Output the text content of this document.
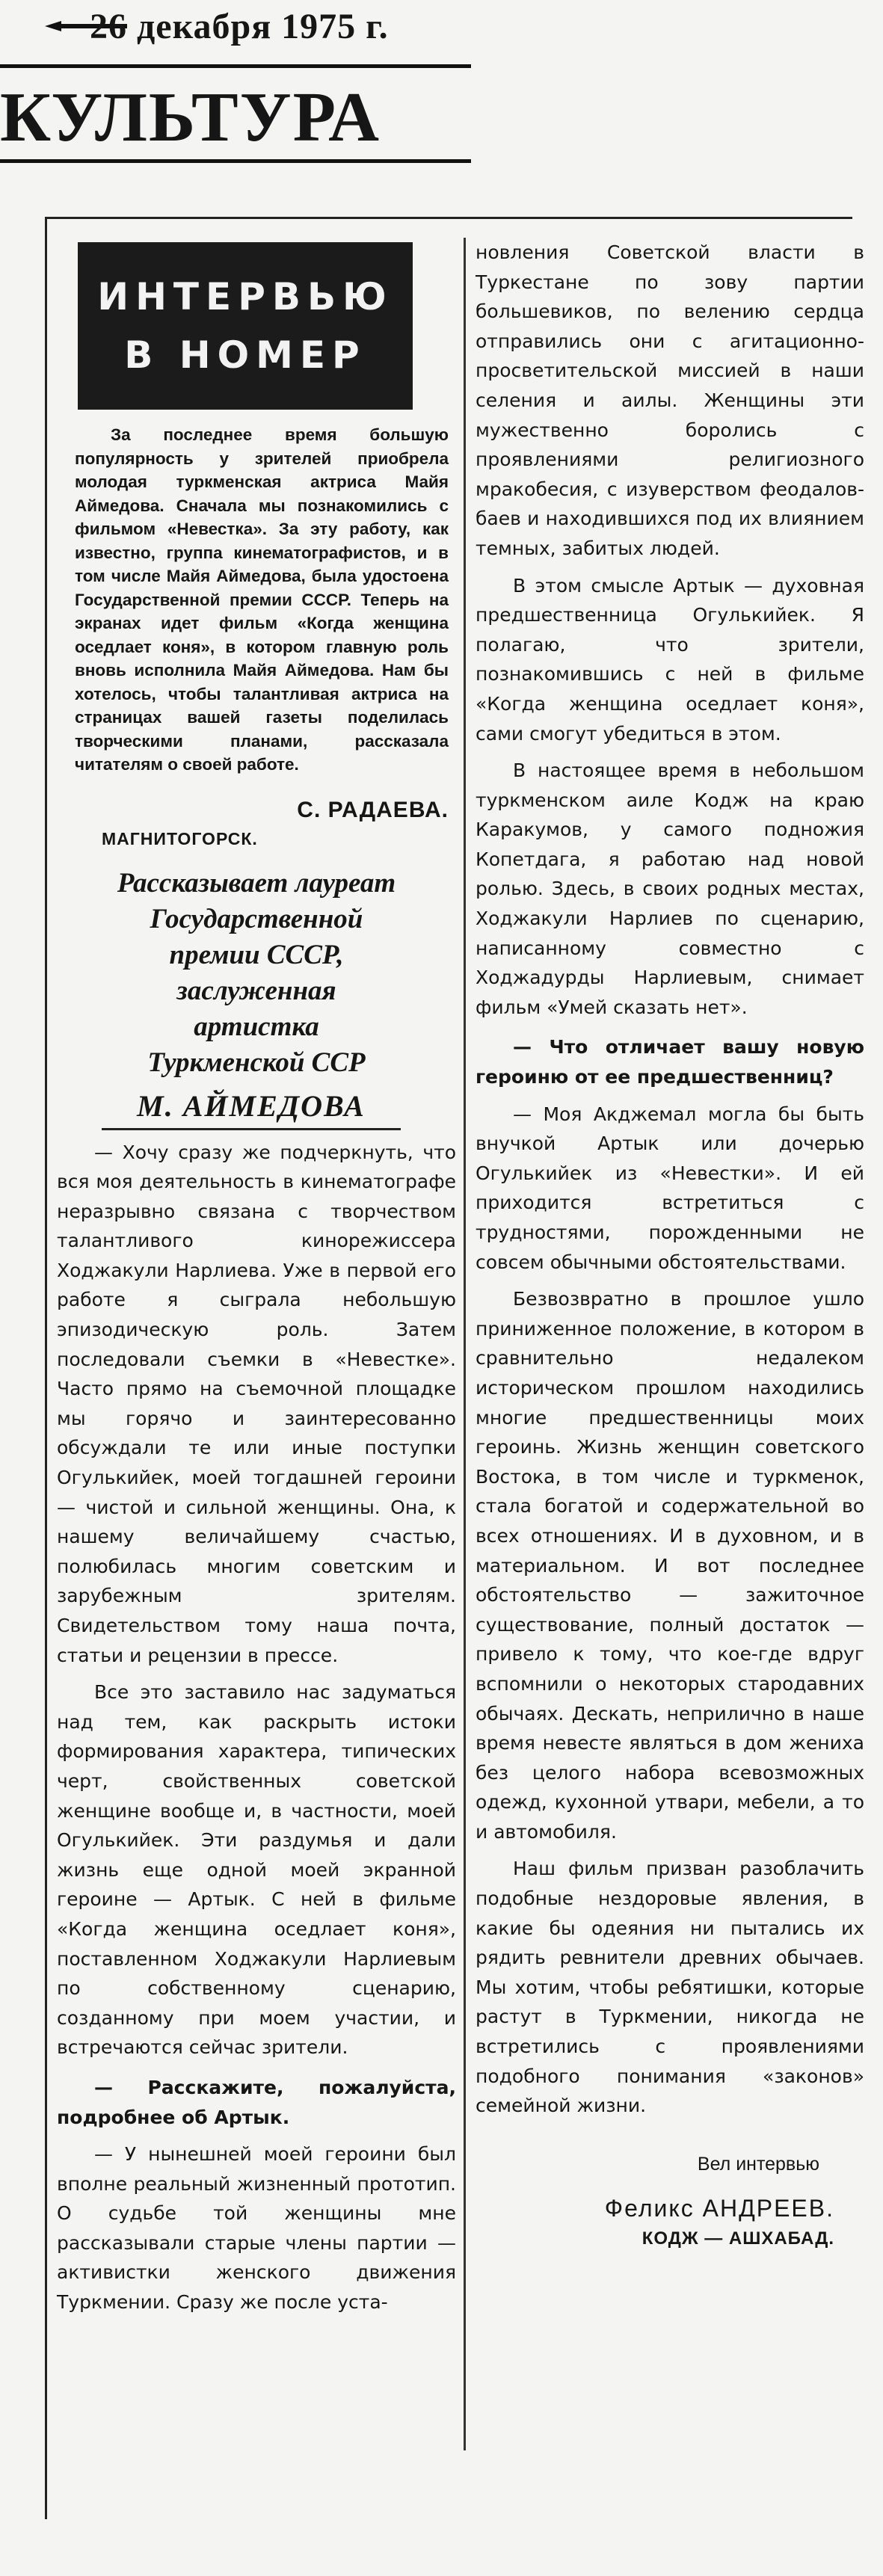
26 декабря 1975 г.
КУЛЬТУРА
ИНТЕРВЬЮ
В НОМЕР

За последнее время большую популярность у зрителей приобрела молодая туркменская актриса Майя Аймедова. Сначала мы познакомились с фильмом «Невестка». За эту работу, как известно, группа кинематографистов, и в том числе Майя Аймедова, была удостоена Государственной премии СССР. Теперь на экранах идет фильм «Когда женщина оседлает коня», в котором главную роль вновь исполнила Майя Аймедова. Нам бы хотелось, чтобы талантливая актриса на страницах вашей газеты поделилась творческими планами, рассказала читателям о своей работе.

С. РАДАЕВА.
МАГНИТОГОРСК.
Рассказывает лауреат
Государственной
премии СССР,
заслуженная
артистка
Туркменской ССР
М. АЙМЕДОВА

— Хочу сразу же подчеркнуть, что вся моя деятельность в кинематографе неразрывно связана с творчеством талантливого кинорежиссера Ходжакули Нарлиева. Уже в первой его работе я сыграла небольшую эпизодическую роль. Затем последовали съемки в «Невестке». Часто прямо на съемочной площадке мы горячо и заинтересованно обсуждали те или иные поступки Огулькийек, моей тогдашней героини — чистой и сильной женщины. Она, к нашему величайшему счастью, полюбилась многим советским и зарубежным зрителям. Свидетельством тому наша почта, статьи и рецензии в прессе.

Все это заставило нас задуматься над тем, как раскрыть истоки формирования характера, типических черт, свойственных советской женщине вообще и, в частности, моей Огулькийек. Эти раздумья и дали жизнь еще одной моей экранной героине — Артык. С ней в фильме «Когда женщина оседлает коня», поставленном Ходжакули Нарлиевым по собственному сценарию, созданному при моем участии, и встречаются сейчас зрители.

— Расскажите, пожалуйста, подробнее об Артык.

— У нынешней моей героини был вполне реальный жизненный прототип. О судьбе той женщины мне рассказывали старые члены партии — активистки женского движения Туркмении. Сразу же после уста-

новления Советской власти в Туркестане по зову партии большевиков, по велению сердца отправились они с агитационно-просветительской миссией в наши селения и аилы. Женщины эти мужественно боролись с проявлениями религиозного мракобесия, с изуверством феодалов-баев и находившихся под их влиянием темных, забитых людей.

В этом смысле Артык — духовная предшественница Огулькийек. Я полагаю, что зрители, познакомившись с ней в фильме «Когда женщина оседлает коня», сами смогут убедиться в этом.

В настоящее время в небольшом туркменском аиле Кодж на краю Каракумов, у самого подножия Копетдага, я работаю над новой ролью. Здесь, в своих родных местах, Ходжакули Нарлиев по сценарию, написанному совместно с Ходжадурды Нарлиевым, снимает фильм «Умей сказать нет».

— Что отличает вашу новую героиню от ее предшественниц?

— Моя Акджемал могла бы быть внучкой Артык или дочерью Огулькийек из «Невестки». И ей приходится встретиться с трудностями, порожденными не совсем обычными обстоятельствами.

Безвозвратно в прошлое ушло приниженное положение, в котором в сравнительно недалеком историческом прошлом находились многие предшественницы моих героинь. Жизнь женщин советского Востока, в том числе и туркменок, стала богатой и содержательной во всех отношениях. И в духовном, и в материальном. И вот последнее обстоятельство — зажиточное существование, полный достаток — привело к тому, что кое-где вдруг вспомнили о некоторых стародавних обычаях. Дескать, неприлично в наше время невесте являться в дом жениха без целого набора всевозможных одежд, кухонной утвари, мебели, а то и автомобиля.

Наш фильм призван разоблачить подобные нездоровые явления, в какие бы одеяния ни пытались их рядить ревнители древних обычаев. Мы хотим, чтобы ребятишки, которые растут в Туркмении, никогда не встретились с проявлениями подобного понимания «законов» семейной жизни.

Вел интервью
Феликс АНДРЕЕВ.
КОДЖ — АШХАБАД.
